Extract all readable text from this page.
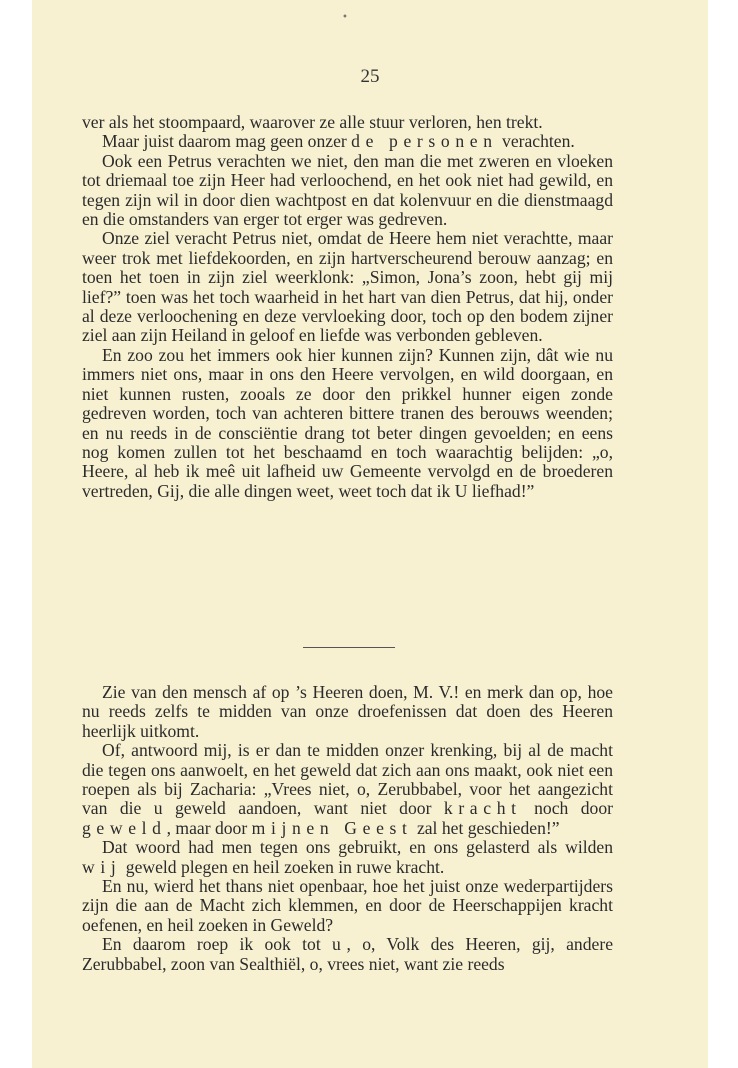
•
25

ver als het stoompaard, waarover ze alle stuur verloren, hen trekt.

Maar juist daarom mag geen onzer de personen verachten.

Ook een Petrus verachten we niet, den man die met zweren en vloeken tot driemaal toe zijn Heer had verloochend, en het ook niet had gewild, en tegen zijn wil in door dien wachtpost en dat kolenvuur en die dienstmaagd en die omstanders van erger tot erger was gedreven.

Onze ziel veracht Petrus niet, omdat de Heere hem niet verachtte, maar weer trok met liefdekoorden, en zijn hartverscheurend berouw aanzag; en toen het toen in zijn ziel weerklonk: „Simon, Jona’s zoon, hebt gij mij lief?” toen was het toch waarheid in het hart van dien Petrus, dat hij, onder al deze verloochening en deze vervloeking door, toch op den bodem zijner ziel aan zijn Heiland in geloof en liefde was verbonden gebleven.

En zoo zou het immers ook hier kunnen zijn? Kunnen zijn, dât wie nu immers niet ons, maar in ons den Heere vervolgen, en wild doorgaan, en niet kunnen rusten, zooals ze door den prikkel hunner eigen zonde gedreven worden, toch van achteren bittere tranen des berouws weenden; en nu reeds in de consciëntie drang tot beter dingen gevoelden; en eens nog komen zullen tot het beschaamd en toch waarachtig belijden: „o, Heere, al heb ik meê uit lafheid uw Gemeente vervolgd en de broederen vertreden, Gij, die alle dingen weet, weet toch dat ik U liefhad!”

Zie van den mensch af op ’s Heeren doen, M. V.! en merk dan op, hoe nu reeds zelfs te midden van onze droefenissen dat doen des Heeren heerlijk uitkomt.

Of, antwoord mij, is er dan te midden onzer krenking, bij al de macht die tegen ons aanwoelt, en het geweld dat zich aan ons maakt, ook niet een roepen als bij Zacharia: „Vrees niet, o, Zerubbabel, voor het aangezicht van die u geweld aandoen, want niet door kracht noch door geweld, maar door mijnen Geest zal het geschieden!”

Dat woord had men tegen ons gebruikt, en ons gelasterd als wilden wij geweld plegen en heil zoeken in ruwe kracht.

En nu, wierd het thans niet openbaar, hoe het juist onze wederpartijders zijn die aan de Macht zich klemmen, en door de Heerschappijen kracht oefenen, en heil zoeken in Geweld?

En daarom roep ik ook tot u, o, Volk des Heeren, gij, andere Zerubbabel, zoon van Sealthiël, o, vrees niet, want zie reeds
